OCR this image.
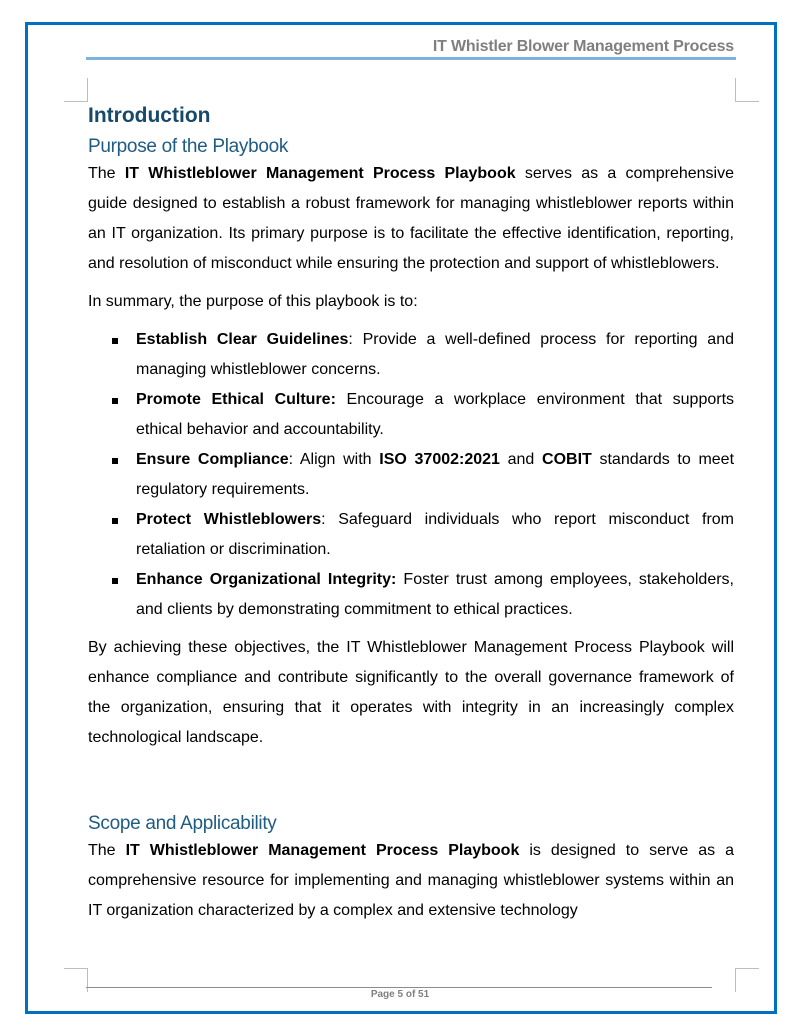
IT Whistler Blower Management Process
Introduction
Purpose of the Playbook

The IT Whistleblower Management Process Playbook serves as a comprehensive guide designed to establish a robust framework for managing whistleblower reports within an IT organization. Its primary purpose is to facilitate the effective identification, reporting, and resolution of misconduct while ensuring the protection and support of whistleblowers.

In summary, the purpose of this playbook is to:

Establish Clear Guidelines: Provide a well-defined process for reporting and managing whistleblower concerns.
Promote Ethical Culture: Encourage a workplace environment that supports ethical behavior and accountability.
Ensure Compliance: Align with ISO 37002:2021 and COBIT standards to meet regulatory requirements.
Protect Whistleblowers: Safeguard individuals who report misconduct from retaliation or discrimination.
Enhance Organizational Integrity: Foster trust among employees, stakeholders, and clients by demonstrating commitment to ethical practices.

By achieving these objectives, the IT Whistleblower Management Process Playbook will enhance compliance and contribute significantly to the overall governance framework of the organization, ensuring that it operates with integrity in an increasingly complex technological landscape.

Scope and Applicability

The IT Whistleblower Management Process Playbook is designed to serve as a comprehensive resource for implementing and managing whistleblower systems within an IT organization characterized by a complex and extensive technology

Page 5 of 51
